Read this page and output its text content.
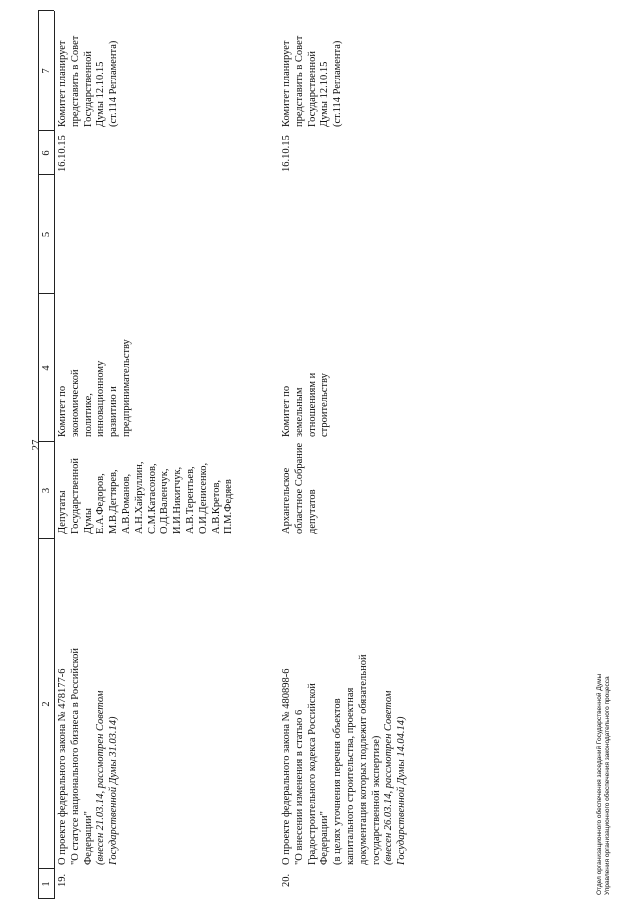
27
1
2
3
4
5
6
7
19.

О проекте федерального закона № 478177-6 "О статусе национального бизнеса в Российской Федерации" (внесен 21.03.14, рассмотрен Советом Государственной Думы 31.03.14)

Депутаты Государственной Думы Е.А.Федоров, М.В.Дегтярев, А.В.Романов, А.Н.Хайруллин, С.М.Катасонов, О.Д.Валенчук, И.И.Никитчук, А.В.Терентьев, О.И.Денисенко, А.В.Кретов, П.М.Федяев

Комитет по экономической политике, инновационному развитию и предпринимательству

16.10.15

Комитет планирует представить в Совет Государственной Думы 12.10.15 (ст.114 Регламента)

20.

О проекте федерального закона № 480898-6 "О внесении изменения в статью 6 Градостроительного кодекса Российской Федерации" (в целях уточнения перечня объектов капитального строительства, проектная документация которых подлежит обязательной государственной экспертизе) (внесен 26.03.14, рассмотрен Советом Государственной Думы 14.04.14)

Архангельское областное Собрание депутатов

Комитет по земельным отношениям и строительству

16.10.15

Комитет планирует представить в Совет Государственной Думы 12.10.15 (ст.114 Регламента)

Отдел организационного обеспечения заседаний Государственной Думы Управления организационного обеспечения законодательного процесса
